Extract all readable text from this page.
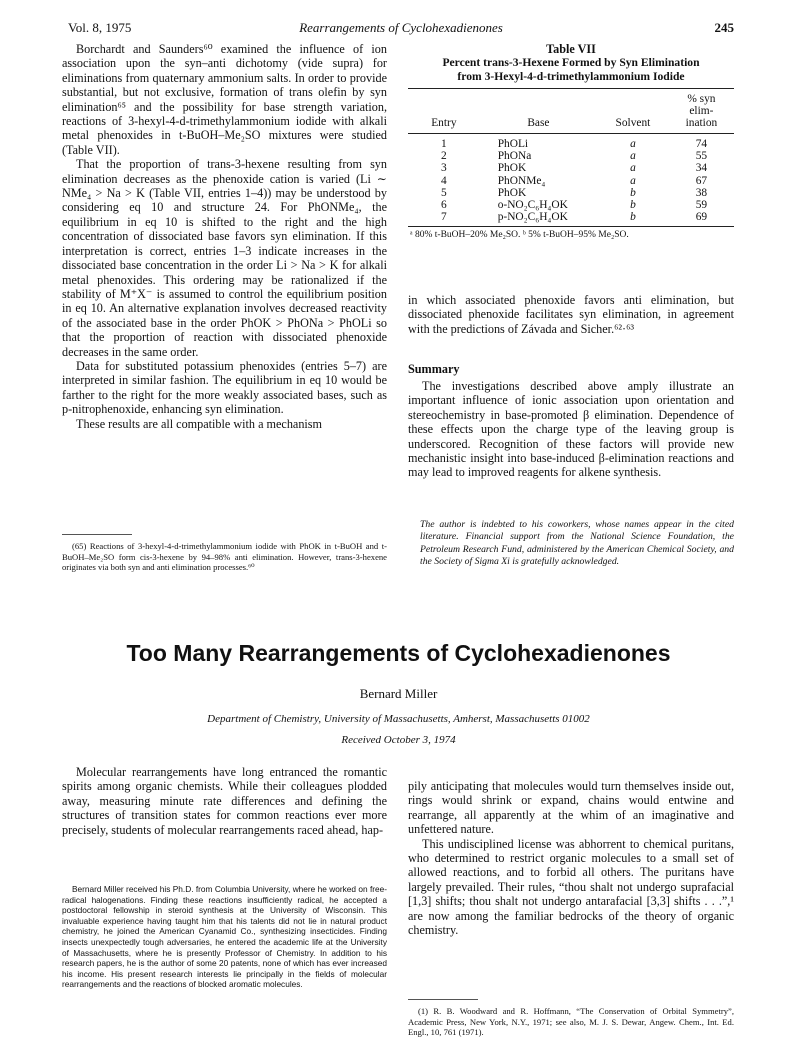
Vol. 8, 1975	Rearrangements of Cyclohexadienones	245

Borchardt and Saunders⁶⁰ examined the influence of ion association upon the syn–anti dichotomy (vide supra) for eliminations from quaternary ammonium salts. In order to provide substantial, but not exclusive, formation of trans olefin by syn elimination⁶⁵ and the possibility for base strength variation, reactions of 3-hexyl-4-d-trimethylammonium iodide with alkali metal phenoxides in t-BuOH–Me₂SO mixtures were studied (Table VII).

That the proportion of trans-3-hexene resulting from syn elimination decreases as the phenoxide cation is varied (Li ∼ NMe₄ > Na > K (Table VII, entries 1–4)) may be understood by considering eq 10 and structure 24. For PhONMe₄, the equilibrium in eq 10 is shifted to the right and the high concentration of dissociated base favors syn elimination. If this interpretation is correct, entries 1–3 indicate increases in the dissociated base concentration in the order Li > Na > K for alkali metal phenoxides. This ordering may be rationalized if the stability of M⁺X⁻ is assumed to control the equilibrium position in eq 10. An alternative explanation involves decreased reactivity of the associated base in the order PhOK > PhONa > PhOLi so that the proportion of reaction with dissociated phenoxide decreases in the same order.

Data for substituted potassium phenoxides (entries 5–7) are interpreted in similar fashion. The equilibrium in eq 10 would be farther to the right for the more weakly associated bases, such as p-nitrophenoxide, enhancing syn elimination.

These results are all compatible with a mechanism

(65) Reactions of 3-hexyl-4-d-trimethylammonium iodide with PhOK in t-BuOH and t-BuOH–Me₂SO form cis-3-hexene by 94–98% anti elimination. However, trans-3-hexene originates via both syn and anti elimination processes.⁶⁰
Table VII
Percent trans-3-Hexene Formed by Syn Elimination
from 3-Hexyl-4-d-trimethylammonium Iodide
Entry	Base	Solvent	% syn
elim-
ination

1	PhOLi	a	74
2	PhONa	a	55
3	PhOK	a	34
4	PhONMe₄	a	67
5	PhOK	b	38
6	o-NO₂C₆H₄OK	b	59
7	p-NO₂C₆H₄OK	b	69
ᵃ 80% t-BuOH–20% Me₂SO. ᵇ 5% t-BuOH–95% Me₂SO.

in which associated phenoxide favors anti elimination, but dissociated phenoxide facilitates syn elimination, in agreement with the predictions of Závada and Sicher.⁶²·⁶³

Summary

The investigations described above amply illustrate an important influence of ionic association upon orientation and stereochemistry in base-promoted β elimination. Dependence of these effects upon the charge type of the leaving group is underscored. Recognition of these factors will provide new mechanistic insight into base-induced β-elimination reactions and may lead to improved reagents for alkene synthesis.

The author is indebted to his coworkers, whose names appear in the cited literature. Financial support from the National Science Foundation, the Petroleum Research Fund, administered by the American Chemical Society, and the Society of Sigma Xi is gratefully acknowledged.
Too Many Rearrangements of Cyclohexadienones
Bernard Miller
Department of Chemistry, University of Massachusetts, Amherst, Massachusetts 01002
Received October 3, 1974

Molecular rearrangements have long entranced the romantic spirits among organic chemists. While their colleagues plodded away, measuring minute rate differences and defining the structures of transition states for common reactions ever more precisely, students of molecular rearrangements raced ahead, hap-

pily anticipating that molecules would turn themselves inside out, rings would shrink or expand, chains would entwine and rearrange, all apparently at the whim of an imaginative and unfettered nature.

This undisciplined license was abhorrent to chemical puritans, who determined to restrict organic molecules to a small set of allowed reactions, and to forbid all others. The puritans have largely prevailed. Their rules, “thou shalt not undergo suprafacial [1,3] shifts; thou shalt not undergo antarafacial [3,3] shifts . . .”,¹ are now among the familiar bedrocks of the theory of organic chemistry.

Bernard Miller received his Ph.D. from Columbia University, where he worked on free-radical halogenations. Finding these reactions insufficiently radical, he accepted a postdoctoral fellowship in steroid synthesis at the University of Wisconsin. This invaluable experience having taught him that his talents did not lie in natural product chemistry, he joined the American Cyanamid Co., synthesizing insecticides. Finding insects unexpectedly tough adversaries, he entered the academic life at the University of Massachusetts, where he is presently Professor of Chemistry. In addition to his research papers, he is the author of some 20 patents, none of which has ever increased his income. His present research interests lie principally in the fields of molecular rearrangements and the reactions of blocked aromatic molecules.
(1) R. B. Woodward and R. Hoffmann, “The Conservation of Orbital Symmetry”, Academic Press, New York, N.Y., 1971; see also, M. J. S. Dewar, Angew. Chem., Int. Ed. Engl., 10, 761 (1971).
